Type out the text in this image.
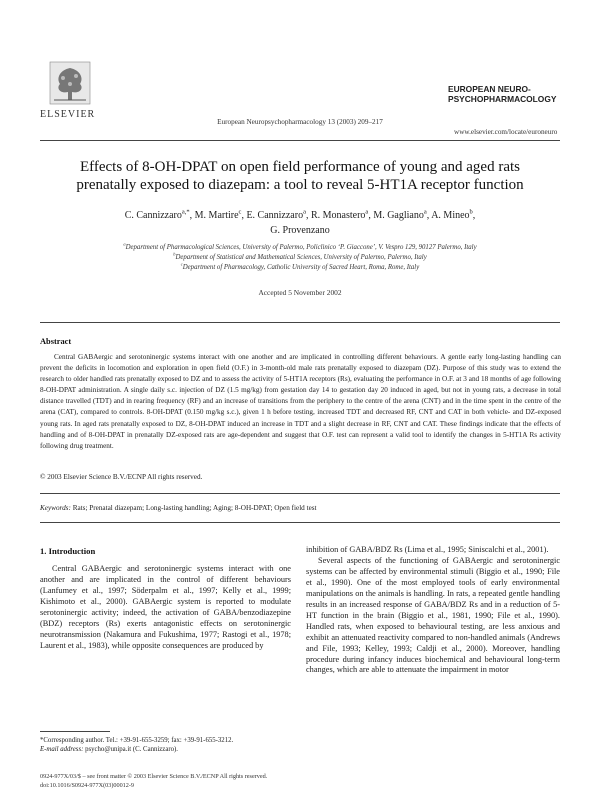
ELSEVIER
European Neuropsychopharmacology 13 (2003) 209–217
EUROPEAN NEURO-
PSYCHOPHARMACOLOGY
www.elsevier.com/locate/euroneuro
Effects of 8-OH-DPAT on open field performance of young and aged rats
prenatally exposed to diazepam: a tool to reveal 5-HT1A receptor function
C. Cannizzaro$^{a,*}$, M. Martire$^c$, E. Cannizzaro$^a$, R. Monastero$^a$, M. Gagliano$^a$, A. Mineo$^b$,
G. Provenzano
$^a$Department of Pharmacological Sciences, University of Palermo, Policlinico ‘P. Giaccone’, V. Vespro 129, 90127 Palermo, Italy
$^b$Department of Statistical and Mathematical Sciences, University of Palermo, Palermo, Italy
$^c$Department of Pharmacology, Catholic University of Sacred Heart, Roma, Rome, Italy
Accepted 5 November 2002
Abstract

Central GABAergic and serotoninergic systems interact with one another and are implicated in controlling different behaviours. A gentle early long-lasting handling can prevent the deficits in locomotion and exploration in open field (O.F.) in 3-month-old male rats prenatally exposed to diazepam (DZ). Purpose of this study was to extend the research to older handled rats prenatally exposed to DZ and to assess the activity of 5-HT1A receptors (Rs), evaluating the performance in O.F. at 3 and 18 months of age following 8-OH-DPAT administration. A single daily s.c. injection of DZ (1.5 mg/kg) from gestation day 14 to gestation day 20 induced in aged, but not in young rats, a decrease in total distance travelled (TDT) and in rearing frequency (RF) and an increase of transitions from the periphery to the centre of the arena (CNT) and in the time spent in the centre of the arena (CAT), compared to controls. 8-OH-DPAT (0.150 mg/kg s.c.), given 1 h before testing, increased TDT and decreased RF, CNT and CAT in both vehicle- and DZ-exposed young rats. In aged rats prenatally exposed to DZ, 8-OH-DPAT induced an increase in TDT and a slight decrease in RF, CNT and CAT. These findings indicate that the effects of handling and of 8-OH-DPAT in prenatally DZ-exposed rats are age-dependent and suggest that O.F. test can represent a valid tool to identify the changes in 5-HT1A Rs activity following drug treatment.

© 2003 Elsevier Science B.V./ECNP All rights reserved.
Keywords: Rats; Prenatal diazepam; Long-lasting handling; Aging; 8-OH-DPAT; Open field test
1. Introduction

Central GABAergic and serotoninergic systems interact with one another and are implicated in the control of different behaviours (Lanfumey et al., 1997; Söderpalm et al., 1997; Kelly et al., 1999; Kishimoto et al., 2000). GABAergic system is reported to modulate serotoninergic activity; indeed, the activation of GABA/benzodiazepine (BDZ) receptors (Rs) exerts antagonistic effects on serotoninergic neurotransmission (Nakamura and Fukushima, 1977; Rastogi et al., 1978; Laurent et al., 1983), while opposite consequences are produced by

inhibition of GABA/BDZ Rs (Lima et al., 1995; Siniscalchi et al., 2001).

Several aspects of the functioning of GABAergic and serotoninergic systems can be affected by environmental stimuli (Biggio et al., 1990; File et al., 1990). One of the most employed tools of early environmental manipulations on the animals is handling. In rats, a repeated gentle handling results in an increased response of GABA/BDZ Rs and in a reduction of 5-HT function in the brain (Biggio et al., 1981, 1990; File et al., 1990). Handled rats, when exposed to behavioural testing, are less anxious and exhibit an attenuated reactivity compared to non-handled animals (Andrews and File, 1993; Kelley, 1993; Caldji et al., 2000). Moreover, handling procedure during infancy induces biochemical and behavioural long-term changes, which are able to attenuate the impairment in motor

*Corresponding author. Tel.: +39-91-655-3259; fax: +39-91-655-3212.
E-mail address: psycho@unipa.it (C. Cannizzaro).
0924-977X/03/$ – see front matter © 2003 Elsevier Science B.V./ECNP All rights reserved.
doi:10.1016/S0924-977X(03)00012-9
